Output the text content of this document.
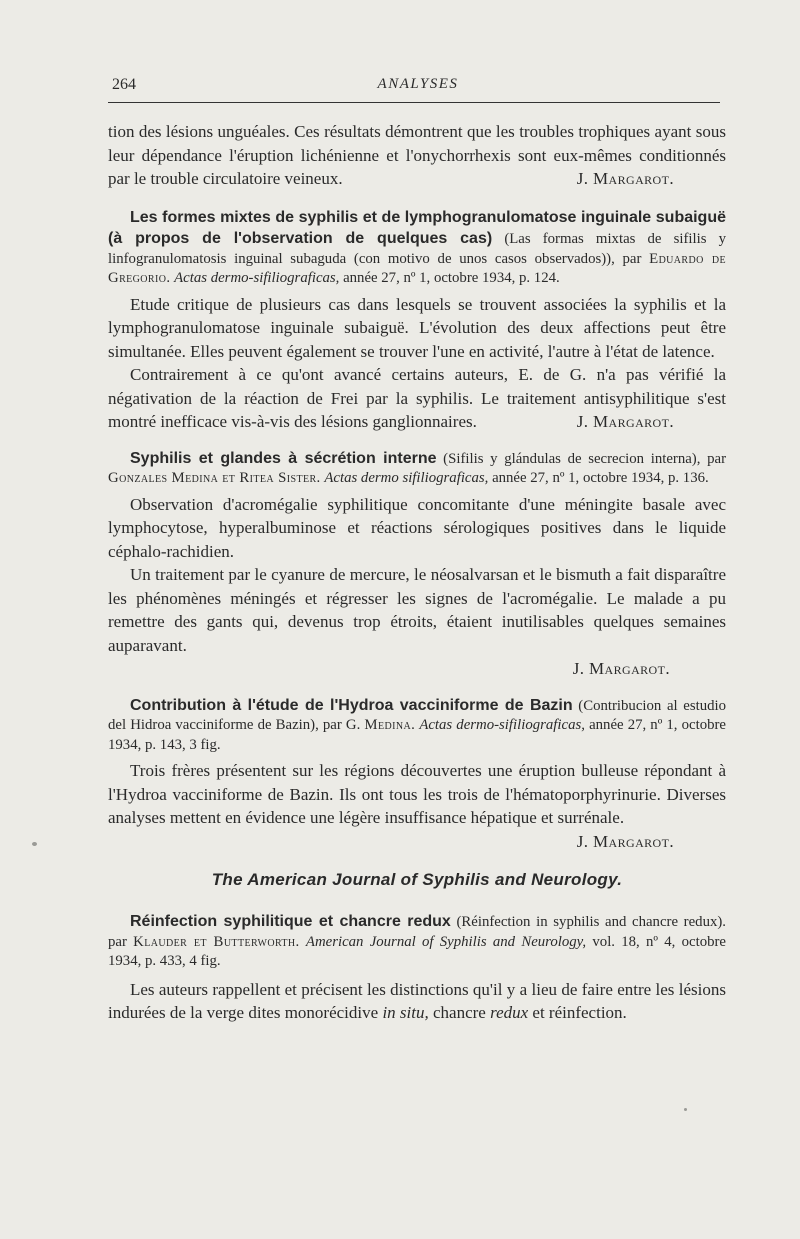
264	ANALYSES

tion des lésions unguéales. Ces résultats démontrent que les troubles trophiques ayant sous leur dépendance l'éruption lichénienne et l'onychorrhexis sont eux-mêmes conditionnés par le trouble circulatoire veineux.	J. Margarot.

Les formes mixtes de syphilis et de lymphogranulomatose inguinale subaiguë (à propos de l'observation de quelques cas) (Las formas mixtas de sifilis y linfogranulomatosis inguinal subaguda (con motivo de unos casos observados)), par Eduardo de Gregorio. Actas dermo-sifiliograficas, année 27, nº 1, octobre 1934, p. 124.

Etude critique de plusieurs cas dans lesquels se trouvent associées la syphilis et la lymphogranulomatose inguinale subaiguë. L'évolution des deux affections peut être simultanée. Elles peuvent également se trouver l'une en activité, l'autre à l'état de latence.

Contrairement à ce qu'ont avancé certains auteurs, E. de G. n'a pas vérifié la négativation de la réaction de Frei par la syphilis. Le traitement antisyphilitique s'est montré inefficace vis-à-vis des lésions ganglionnaires.	J. Margarot.

Syphilis et glandes à sécrétion interne (Sifilis y glándulas de secrecion interna), par Gonzales Medina et Ritea Sister. Actas dermo sifiliograficas, année 27, nº 1, octobre 1934, p. 136.

Observation d'acromégalie syphilitique concomitante d'une méningite basale avec lymphocytose, hyperalbuminose et réactions sérologiques positives dans le liquide céphalo-rachidien.

Un traitement par le cyanure de mercure, le néosalvarsan et le bismuth a fait disparaître les phénomènes méningés et régresser les signes de l'acromégalie. Le malade a pu remettre des gants qui, devenus trop étroits, étaient inutilisables quelques semaines auparavant.

J. Margarot.

Contribution à l'étude de l'Hydroa vacciniforme de Bazin (Contribucion al estudio del Hidroa vacciniforme de Bazin), par G. Medina. Actas dermo-sifiliograficas, année 27, nº 1, octobre 1934, p. 143, 3 fig.

Trois frères présentent sur les régions découvertes une éruption bulleuse répondant à l'Hydroa vacciniforme de Bazin. Ils ont tous les trois de l'hématoporphyrinurie. Diverses analyses mettent en évidence une légère insuffisance hépatique et surrénale.
J. Margarot.

The American Journal of Syphilis and Neurology.

Réinfection syphilitique et chancre redux (Réinfection in syphilis and chancre redux). par Klauder et Butterworth. American Journal of Syphilis and Neurology, vol. 18, nº 4, octobre 1934, p. 433, 4 fig.

Les auteurs rappellent et précisent les distinctions qu'il y a lieu de faire entre les lésions indurées de la verge dites monorécidive in situ, chancre redux et réinfection.
